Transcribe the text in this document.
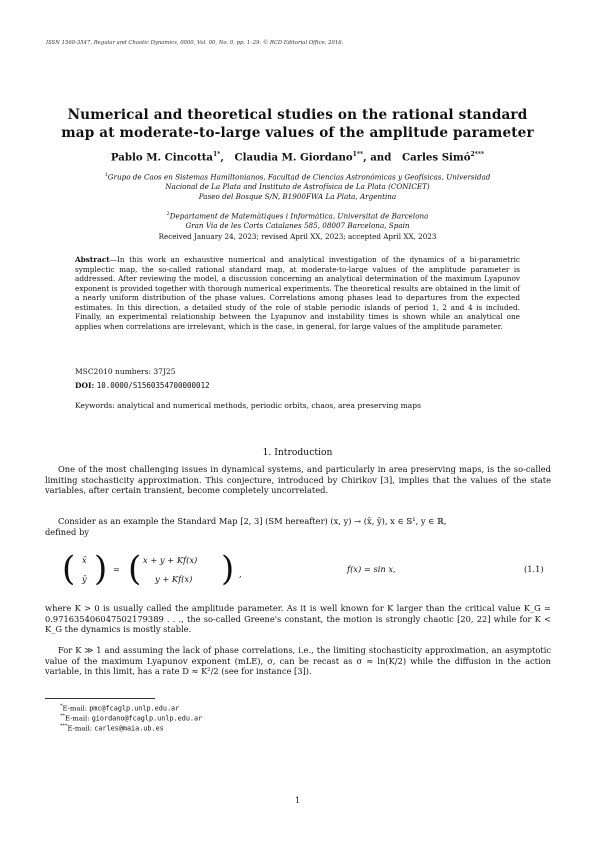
ISSN 1560-3547, Regular and Chaotic Dynamics, 0000, Vol. 00, No. 0, pp. 1–29. © RCD Editorial Office, 2016.
Numerical and theoretical studies on the rational standard
map at moderate-to-large values of the amplitude parameter
Pablo M. Cincotta$^{1*}$, Claudia M. Giordano$^{1**}$, and Carles Simó$^{2***}$
$^1$Grupo de Caos en Sistemas Hamiltonianos, Facultad de Ciencias Astronómicas y Geofísicas, Universidad
Nacional de La Plata and Instituto de Astrofísica de La Plata (CONICET)
Paseo del Bosque S/N, B1900FWA La Plata, Argentina
$^2$Departament de Matemàtiques i Informàtica, Universitat de Barcelona
Gran Via de les Corts Catalanes 585, 08007 Barcelona, Spain
Received January 24, 2023; revised April XX, 2023; accepted April XX, 2023
Abstract—In this work an exhaustive numerical and analytical investigation of the dynamics of a bi-parametric symplectic map, the so-called rational standard map, at moderate-to-large values of the amplitude parameter is addressed. After reviewing the model, a discussion concerning an analytical determination of the maximum Lyapunov exponent is provided together with thorough numerical experiments. The theoretical results are obtained in the limit of a nearly uniform distribution of the phase values. Correlations among phases lead to departures from the expected estimates. In this direction, a detailed study of the role of stable periodic islands of period 1, 2 and 4 is included. Finally, an experimental relationship between the Lyapunov and instability times is shown while an analytical one applies when correlations are irrelevant, which is the case, in general, for large values of the amplitude parameter.
MSC2010 numbers: 37J25
DOI: 10.0000/S1560354700000012
Keywords: analytical and numerical methods, periodic orbits, chaos, area preserving maps
1. Introduction
One of the most challenging issues in dynamical systems, and particularly in area preserving maps, is the so-called limiting stochasticity approximation. This conjecture, introduced by Chirikov [3], implies that the values of the state variables, after certain transient, become completely uncorrelated.
Consider as an example the Standard Map [2, 3] (SM hereafter) (x, y) → (x̄, ȳ), x ∈ 𝕊¹, y ∈ ℝ,
defined by
( x̄
ȳ ) = ( x + y + Kf(x)
y + Kf(x) ) ,	f(x) = sin x,	(1.1)
where K > 0 is usually called the amplitude parameter. As it is well known for K larger than the critical value K_G = 0.971635406047502179389 . . ., the so-called Greene's constant, the motion is strongly chaotic [20, 22] while for K < K_G the dynamics is mostly stable.
For K ≫ 1 and assuming the lack of phase correlations, i.e., the limiting stochasticity approximation, an asymptotic value of the maximum Lyapunov exponent (mLE), σ, can be recast as σ ≈ ln(K/2) while the diffusion in the action variable, in this limit, has a rate D ≈ K²/2 (see for instance [3]).
*E-mail: pmc@fcaglp.unlp.edu.ar
**E-mail: giordano@fcaglp.unlp.edu.ar
***E-mail: carles@maia.ub.es
1
